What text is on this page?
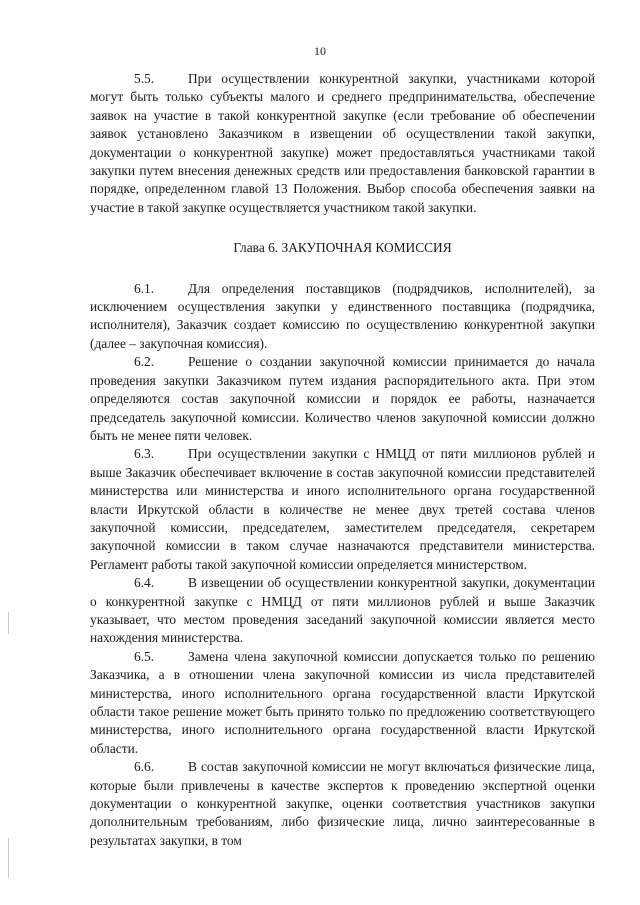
10

5.5.	При осуществлении конкурентной закупки, участниками которой могут быть только субъекты малого и среднего предпринимательства, обеспечение заявок на участие в такой конкурентной закупке (если требование об обеспечении заявок установлено Заказчиком в извещении об осуществлении такой закупки, документации о конкурентной закупке) может предоставляться участниками такой закупки путем внесения денежных средств или предоставления банковской гарантии в порядке, определенном главой 13 Положения. Выбор способа обеспечения заявки на участие в такой закупке осуществляется участником такой закупки.

Глава 6. ЗАКУПОЧНАЯ КОМИССИЯ

6.1.	Для определения поставщиков (подрядчиков, исполнителей), за исключением осуществления закупки у единственного поставщика (подрядчика, исполнителя), Заказчик создает комиссию по осуществлению конкурентной закупки (далее – закупочная комиссия).

6.2.	Решение о создании закупочной комиссии принимается до начала проведения закупки Заказчиком путем издания распорядительного акта. При этом определяются состав закупочной комиссии и порядок ее работы, назначается председатель закупочной комиссии. Количество членов закупочной комиссии должно быть не менее пяти человек.

6.3.	При осуществлении закупки с НМЦД от пяти миллионов рублей и выше Заказчик обеспечивает включение в состав закупочной комиссии представителей министерства или министерства и иного исполнительного органа государственной власти Иркутской области в количестве не менее двух третей состава членов закупочной комиссии, председателем, заместителем председателя, секретарем закупочной комиссии в таком случае назначаются представители министерства. Регламент работы такой закупочной комиссии определяется министерством.

6.4.	В извещении об осуществлении конкурентной закупки, документации о конкурентной закупке с НМЦД от пяти миллионов рублей и выше Заказчик указывает, что местом проведения заседаний закупочной комиссии является место нахождения министерства.

6.5.	Замена члена закупочной комиссии допускается только по решению Заказчика, а в отношении члена закупочной комиссии из числа представителей министерства, иного исполнительного органа государственной власти Иркутской области такое решение может быть принято только по предложению соответствующего министерства, иного исполнительного органа государственной власти Иркутской области.

6.6.	В состав закупочной комиссии не могут включаться физические лица, которые были привлечены в качестве экспертов к проведению экспертной оценки документации о конкурентной закупке, оценки соответствия участников закупки дополнительным требованиям, либо физические лица, лично заинтересованные в результатах закупки, в том
